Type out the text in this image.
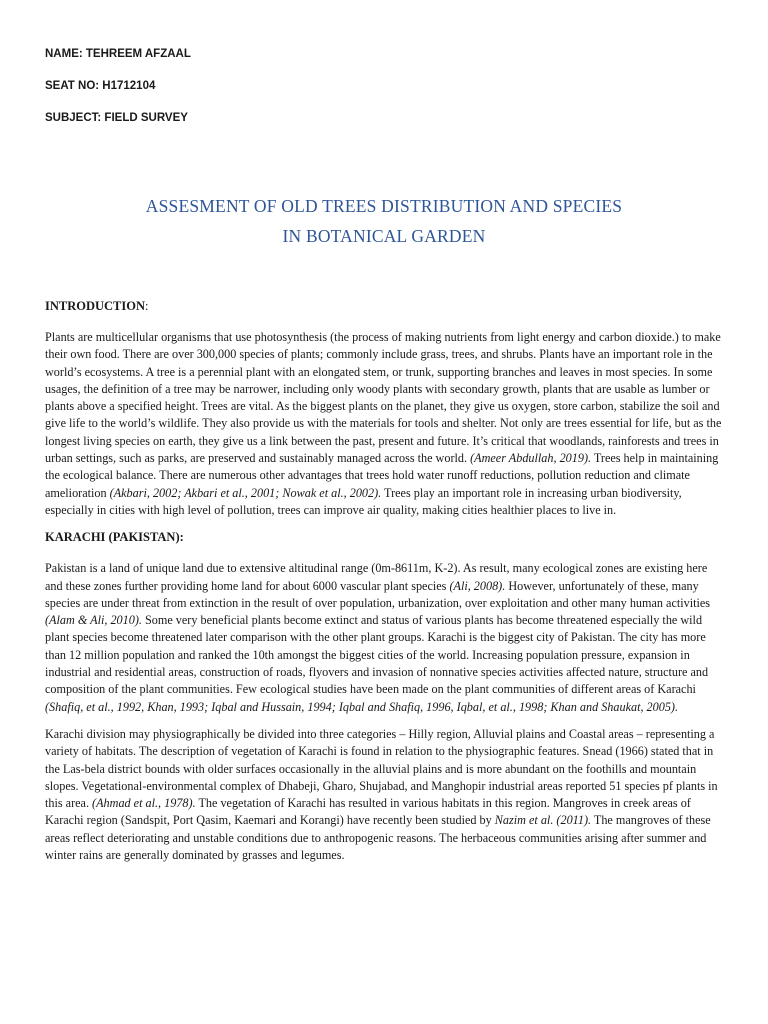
NAME: TEHREEM AFZAAL
SEAT NO: H1712104
SUBJECT: FIELD SURVEY
ASSESMENT OF OLD TREES DISTRIBUTION AND SPECIES
IN BOTANICAL GARDEN
INTRODUCTION:

Plants are multicellular organisms that use photosynthesis (the process of making nutrients from light energy and carbon dioxide.) to make their own food. There are over 300,000 species of plants; commonly include grass, trees, and shrubs. Plants have an important role in the world’s ecosystems. A tree is a perennial plant with an elongated stem, or trunk, supporting branches and leaves in most species. In some usages, the definition of a tree may be narrower, including only woody plants with secondary growth, plants that are usable as lumber or plants above a specified height. Trees are vital. As the biggest plants on the planet, they give us oxygen, store carbon, stabilize the soil and give life to the world’s wildlife. They also provide us with the materials for tools and shelter. Not only are trees essential for life, but as the longest living species on earth, they give us a link between the past, present and future. It’s critical that woodlands, rainforests and trees in urban settings, such as parks, are preserved and sustainably managed across the world. (Ameer Abdullah, 2019). Trees help in maintaining the ecological balance. There are numerous other advantages that trees hold water runoff reductions, pollution reduction and climate amelioration (Akbari, 2002; Akbari et al., 2001; Nowak et al., 2002). Trees play an important role in increasing urban biodiversity, especially in cities with high level of pollution, trees can improve air quality, making cities healthier places to live in.

KARACHI (PAKISTAN):

Pakistan is a land of unique land due to extensive altitudinal range (0m-8611m, K-2). As result, many ecological zones are existing here and these zones further providing home land for about 6000 vascular plant species (Ali, 2008). However, unfortunately of these, many species are under threat from extinction in the result of over population, urbanization, over exploitation and other many human activities (Alam & Ali, 2010). Some very beneficial plants become extinct and status of various plants has become threatened especially the wild plant species become threatened later comparison with the other plant groups. Karachi is the biggest city of Pakistan. The city has more than 12 million population and ranked the 10th amongst the biggest cities of the world. Increasing population pressure, expansion in industrial and residential areas, construction of roads, flyovers and invasion of nonnative species activities affected nature, structure and composition of the plant communities. Few ecological studies have been made on the plant communities of different areas of Karachi (Shafiq, et al., 1992, Khan, 1993; Iqbal and Hussain, 1994; Iqbal and Shafiq, 1996, Iqbal, et al., 1998; Khan and Shaukat, 2005).

Karachi division may physiographically be divided into three categories – Hilly region, Alluvial plains and Coastal areas – representing a variety of habitats. The description of vegetation of Karachi is found in relation to the physiographic features. Snead (1966) stated that in the Las-bela district bounds with older surfaces occasionally in the alluvial plains and is more abundant on the foothills and mountain slopes. Vegetational-environmental complex of Dhabeji, Gharo, Shujabad, and Manghopir industrial areas reported 51 species pf plants in this area. (Ahmad et al., 1978). The vegetation of Karachi has resulted in various habitats in this region. Mangroves in creek areas of Karachi region (Sandspit, Port Qasim, Kaemari and Korangi) have recently been studied by Nazim et al. (2011). The mangroves of these areas reflect deteriorating and unstable conditions due to anthropogenic reasons. The herbaceous communities arising after summer and winter rains are generally dominated by grasses and legumes.
